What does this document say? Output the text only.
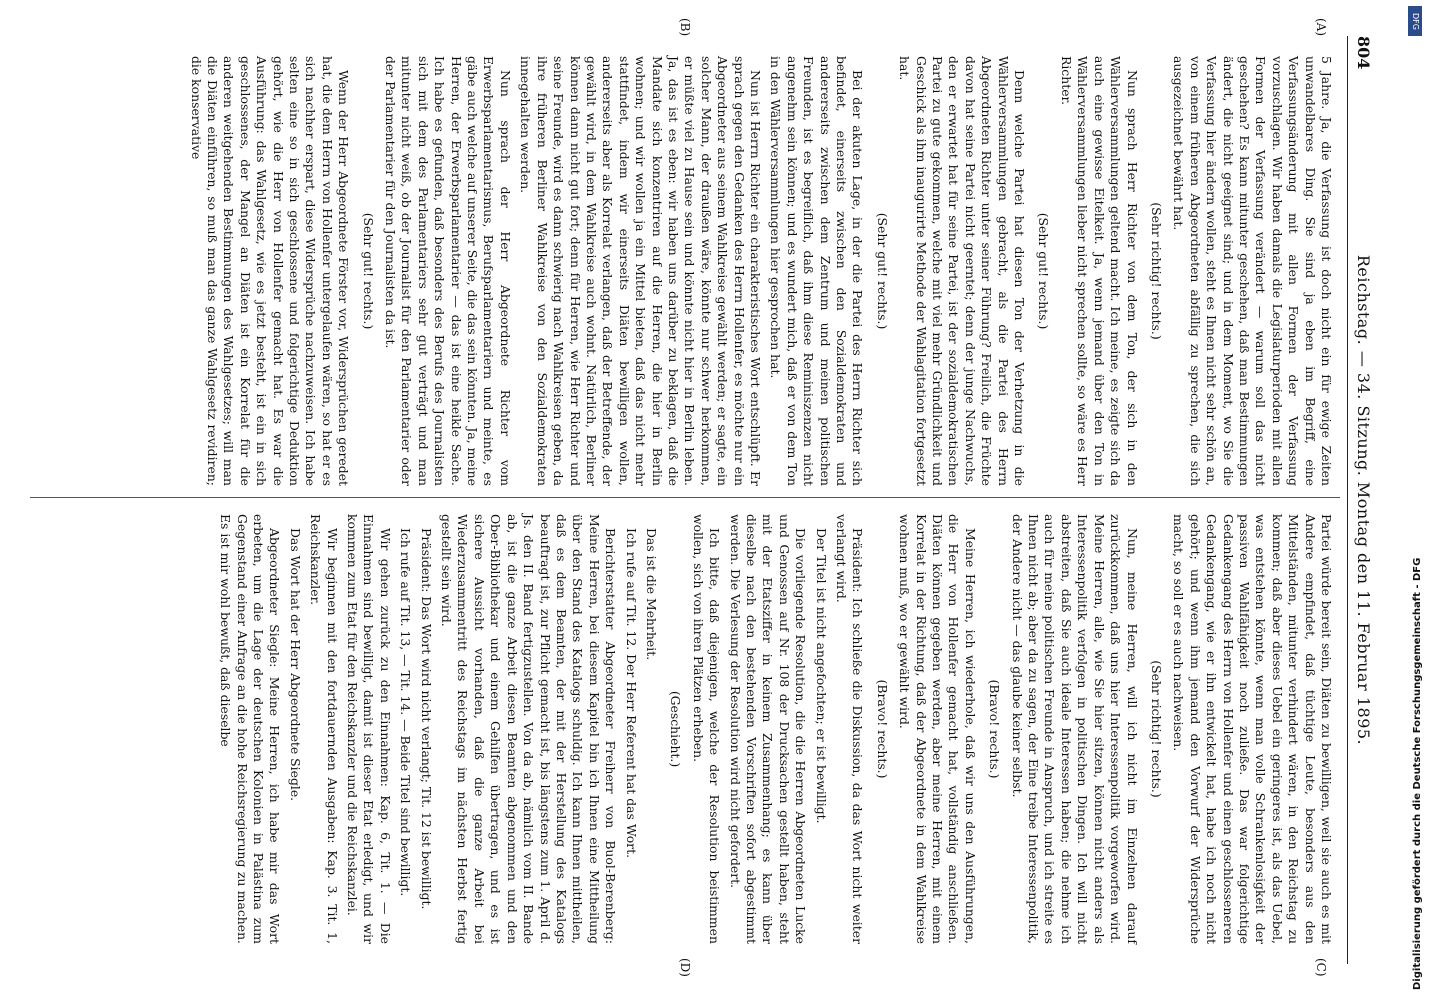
804
Reichstag. — 34. Sitzung. Montag den 11. Februar 1895.
(A)
(B)
(C)
(D)

5 Jahre. Ja, die Verfassung ist doch nicht ein für ewige Zeiten unwandelbares Ding. Sie sind ja eben im Begriff, eine Verfassungsänderung mit allen Formen der Verfassung vorzuschlagen. Wir haben damals die Legislaturperioden mit allen Formen der Verfassung verändert — warum soll das nicht geschehen? Es kann mitunter geschehen, daß man Bestimmungen ändert, die nicht geeignet sind; und in dem Moment, wo Sie die Verfassung hier ändern wollen, steht es Ihnen nicht sehr schön an, von einem früheren Abgeordneten abfällig zu sprechen, die sich ausgezeichnet bewährt hat.

(Sehr richtig! rechts.)

Nun sprach Herr Richter von dem Ton, der sich in den Wählerversammlungen geltend macht. Ich meine, es zeigte sich da auch eine gewisse Eitelkeit. Ja, wenn jemand über den Ton in Wählerversammlungen lieber nicht sprechen sollte, so wäre es Herr Richter.

(Sehr gut! rechts.)

Denn welche Partei hat diesen Ton der Verhetzung in die Wählerversammlungen gebracht, als die Partei des Herrn Abgeordneten Richter unter seiner Führung? Freilich, die Früchte davon hat seine Partei nicht geerntet; denn der junge Nachwuchs, den er erwartet hat für seine Partei, ist der sozialdemokratischen Partei zu gute gekommen, welche mit viel mehr Gründlichkeit und Geschick als ihm inaugurirte Methode der Wahlagitation fortgesetzt hat.

(Sehr gut! rechts.)

Bei der akuten Lage, in der die Partei des Herrn Richter sich befindet, einerseits zwischen den Sozialdemokraten und andererseits zwischen dem Zentrum und meinen politischen Freunden, ist es begreiflich, daß ihm diese Reminiszenzen nicht angenehm sein können; und es wundert mich, daß er von dem Ton in den Wählerversammlungen hier gesprochen hat.

Nun ist Herrn Richter ein charakteristisches Wort entschlüpft. Er sprach gegen den Gedanken des Herrn Hollenfer, es möchte nur ein Abgeordneter aus seinem Wahlkreise gewählt werden; er sagte, ein solcher Mann, der draußen wäre, könnte nur schwer herkommen, er müßte viel zu Hause sein und könnte nicht hier in Berlin leben. Ja, das ist es eben: wir haben uns darüber zu beklagen, daß die Mandate sich konzentriren auf die Herren, die hier in Berlin wohnen; und wir wollen ja ein Mittel bieten, daß das nicht mehr stattfindet, indem wir einerseits Diäten bewilligen wollen, andererseits aber als Korrelat verlangen, daß der Betreffende, der gewählt wird, in dem Wahlkreise auch wohnt. Natürlich, Berliner können dann nicht gut fort; denn für Herren, wie Herr Richter und seine Freunde, wird es dann schwierig nach Wahlkreisen geben, da ihre früheren Berliner Wahlkreise von den Sozialdemokraten innegehalten werden.

Nun sprach der Herr Abgeordnete Richter vom Erwerbsparlamentarismus, Berufsparlamentariern und meinte, es gäbe auch welche auf unserer Seite, die das sein könnten. Ja, meine Herren, der Erwerbsparlamentarier — das ist eine heikle Sache. Ich habe es gefunden, daß besonders des Berufs des Journalisten sich mit dem des Parlamentariers sehr gut verträgt und man mitunter nicht weiß, ob der Journalist für den Parlamentarier oder der Parlamentarier für den Journalisten da ist.

(Sehr gut! rechts.)

Wenn der Herr Abgeordnete Förster vor, Widersprüchen geredet hat, die dem Herrn von Hollenfer untergelaufen wären, so hat er es sich nachher erspart, diese Widersprüche nachzuweisen. Ich habe selten eine so in sich geschlossene und folgerichtige Deduktion gehört, wie die Herr von Hollenfer gemacht hat. Es war die Ausführung: das Wahlgesetz, wie es jetzt besteht, ist ein in sich geschlossenes, der Mangel an Diäten ist ein Korrelat für die anderen weitgehenden Bestimmungen des Wahlgesetzes; will man die Diäten einführen, so muß man das ganze Wahlgesetz revidiren; die konservative

Partei würde bereit sein, Diäten zu bewilligen, weil sie auch es mit Andere empfindet, daß tüchtige Leute, besonders aus den Mittelständen, mitunter verhindert wären, in den Reichstag zu kommen; daß aber dieses Uebel ein geringeres ist, als das Uebel, was entstehen könnte, wenn man volle Schrankenlosigkeit der passiven Wahlfähigkeit noch zuließe. Das war folgerichtige Gedankengang des Herrn von Hollenfer und einen geschlosseneren Gedankengang, wie er ihn entwickelt hat, habe ich noch nicht gehört; und wenn ihm jemand den Vorwurf der Widersprüche macht, so soll er es auch nachweisen.

(Sehr richtig! rechts.)

Nun, meine Herren, will ich nicht im Einzelnen darauf zurückkommen, daß uns hier Interessenpolitik vorgeworfen wird. Meine Herren, alle, wie Sie hier sitzen, können nicht anders als Interessenpolitik verfolgen in politischen Dingen. Ich will nicht abstreiten, daß Sie auch ideale Interessen haben; die nehme ich auch für meine politischen Freunde in Anspruch, und ich streite es Ihnen nicht ab; aber da zu sagen, der Eine treibe Interessenpolitik, der Andere nicht — das glaube keiner selbst.

(Bravo! rechts.)

Meine Herren, ich wiederhole, daß wir uns den Ausführungen, die Herr von Hollenfer gemacht hat, vollständig anschließen. Diäten können gegeben werden, aber meine Herren, mit einem Korrelat in der Richtung, daß der Abgeordnete in dem Wahlkreise wohnen muß, wo er gewählt wird.

(Bravo! rechts.)

Präsident: Ich schließe die Diskussion, da das Wort nicht weiter verlangt wird.

Der Titel ist nicht angefochten; er ist bewilligt.

Die vorliegende Resolution, die die Herren Abgeordneten Lucke und Genossen auf Nr. 108 der Drucksachen gestellt haben, steht mit der Etatsziffer in keinem Zusammenhang; es kann über dieselbe nach den bestehenden Vorschriften sofort abgestimmt werden. Die Verlesung der Resolution wird nicht gefordert.

Ich bitte, daß diejenigen, welche der Resolution beistimmen wollen, sich von ihren Plätzen erheben.

(Geschieht.)

Das ist die Mehrheit.

Ich rufe auf Tit. 12. Der Herr Referent hat das Wort.

Berichterstatter Abgeordneter Freiherr von Buol-Berenberg: Meine Herren, bei diesem Kapitel bin ich Ihnen eine Mittheilung über den Stand des Katalogs schuldig. Ich kann Ihnen mittheilen, daß es dem Beamten, der mit der Herstellung des Katalogs beauftragt ist, zur Pflicht gemacht ist, bis längstens zum 1. April d. Js. den II. Band fertigzustellen. Von da ab, nämlich vom II. Bande ab, ist die ganze Arbeit diesen Beamten abgenommen und den Ober-Bibliothekar und einem Gehilfen übertragen, und es ist sichere Aussicht vorhanden, daß die ganze Arbeit bei Wiederzusammentritt des Reichstags im nächsten Herbst fertig gestellt sein wird.

Präsident: Das Wort wird nicht verlangt; Tit. 12 ist bewilligt.

Ich rufe auf Tit. 13, — Tit. 14. — Beide Titel sind bewilligt.

Wir gehen zurück zu den Einnahmen: Kap. 6, Tit. 1. — Die Einnahmen sind bewilligt, damit ist dieser Etat erledigt, und wir kommen zum Etat für den Reichskanzler und die Reichskanzlei.

Wir beginnen mit den fortdauernden Ausgaben: Kap. 3. Tit. 1, Reichskanzler.

Das Wort hat der Herr Abgeordnete Siegle.

Abgeordneter Siegle: Meine Herren, ich habe mir das Wort erbeten, um die Lage der deutschen Kolonien in Palästina zum Gegenstand einer Anfrage an die hohe Reichsregierung zu machen. Es ist mir wohl bewußt, daß dieselbe

DFG
Digitalisierung gefördert durch die Deutsche Forschungsgemeinschaft - DFG
